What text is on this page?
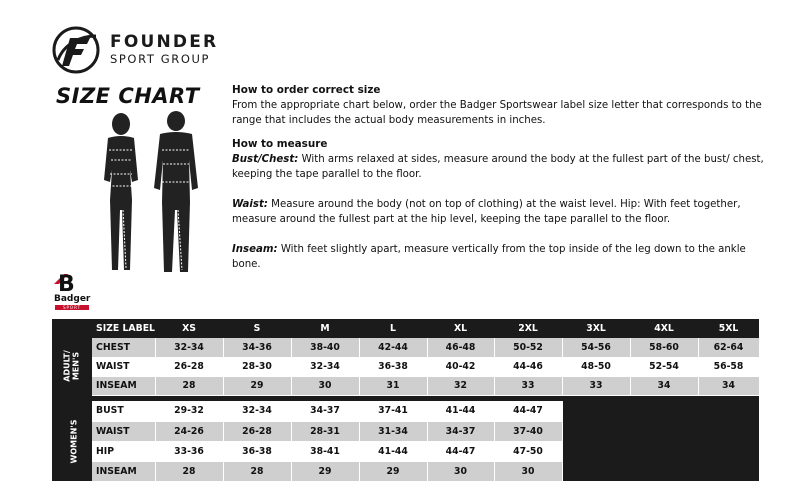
FOUNDER
SPORT GROUP
SIZE CHART
B
Badger
SPORT
How to order correct size

From the appropriate chart below, order the Badger Sportswear label size letter that corresponds to the range that includes the actual body measurements in inches.

How to measure

Bust/Chest: With arms relaxed at sides, measure around the body at the fullest part of the bust/ chest, keeping the tape parallel to the floor.

Waist: Measure around the body (not on top of clothing) at the waist level. Hip: With feet together, measure around the fullest part at the hip level, keeping the tape parallel to the floor.

Inseam: With feet slightly apart, measure vertically from the top inside of the leg down to the ankle bone.

	SIZE LABEL	XS	S	M	L	XL	2XL	3XL	4XL	5XL
ADULT/
MEN'S	CHEST	32-34	34-36	38-40	42-44	46-48	50-52	54-56	58-60	62-64
	WAIST	26-28	28-30	32-34	36-38	40-42	44-46	48-50	52-54	56-58
	INSEAM	28	29	30	31	32	33	33	34	34

WOMEN'S	BUST	29-32	32-34	34-37	37-41	41-44	44-47			
	WAIST	24-26	26-28	28-31	31-34	34-37	37-40			
	HIP	33-36	36-38	38-41	41-44	44-47	47-50			
	INSEAM	28	28	29	29	30	30			
